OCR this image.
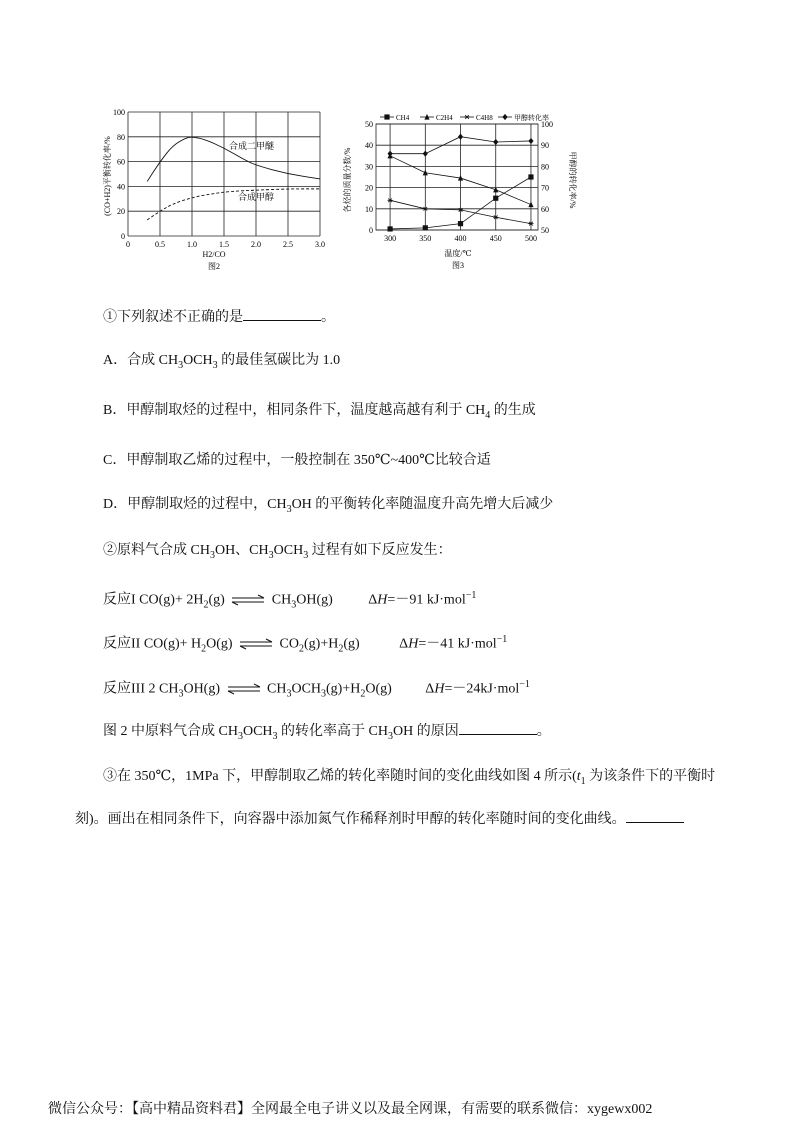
0	0.5	1.0	1.5	2.0	2.5	3.0
0
20
40
60
80
100
合成二甲醚
合成甲醇
(CO+H2)平衡转化率/%
H2/CO
图2
300	350	400	450	500
0
10
20
30
40
50
50
60
70
80
90
100
CH4	C2H4	C4H8	甲醇转化率
各烃的质量分数/%	甲醇的转化率/%
温度/℃
图3
①下列叙述不正确的是	。
A．合成 $CH_3OCH_3$ 的最佳氢碳比为 1.0
B．甲醇制取烃的过程中，相同条件下，温度越高越有利于 $CH_4$ 的生成
C．甲醇制取乙烯的过程中，一般控制在 350℃~400℃比较合适
D．甲醇制取烃的过程中，$CH_3OH$ 的平衡转化率随温度升高先增大后减少
②原料气合成 $CH_3OH$、$CH_3OCH_3$ 过程有如下反应发生：
反应I $CO(g)+ 2H_2(g)$ ⇌ $CH_3OH(g)$	ΔH=－91 kJ·mol$^{-1}$
反应II $CO(g)+ H_2O(g)$ ⇌ $CO_2(g)+H_2(g)$	ΔH=－41 kJ·mol$^{-1}$
反应III 2 $CH_3OH(g)$ ⇌ $CH_3OCH_3(g)+H_2O(g)$ ΔH=－24kJ·mol$^{-1}$
图 2 中原料气合成 $CH_3OCH_3$ 的转化率高于 $CH_3OH$ 的原因	。
③在 350℃，1MPa 下，甲醇制取乙烯的转化率随时间的变化曲线如图 4 所示($t_1$ 为该条件下的平衡时
刻)。画出在相同条件下，向容器中添加氮气作稀释剂时甲醇的转化率随时间的变化曲线。
微信公众号：【高中精品资料君】全网最全电子讲义以及最全网课，有需要的联系微信：xygewx002
